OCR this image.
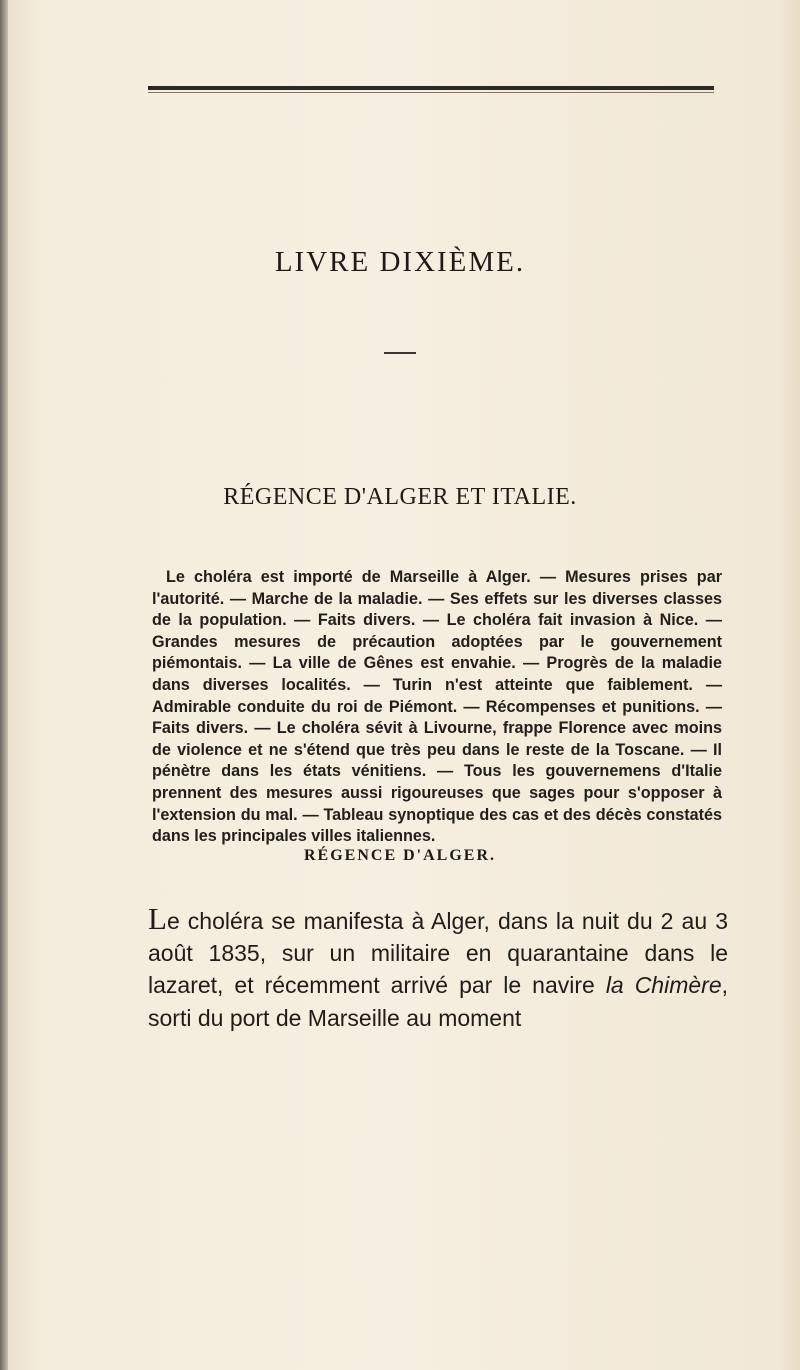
LIVRE DIXIÈME.
RÉGENCE D'ALGER ET ITALIE.
Le choléra est importé de Marseille à Alger. — Mesures prises par l'autorité. — Marche de la maladie. — Ses effets sur les diverses classes de la population. — Faits divers. — Le choléra fait invasion à Nice. — Grandes mesures de précaution adoptées par le gouvernement piémontais. — La ville de Gênes est envahie. — Progrès de la maladie dans diverses localités. — Turin n'est atteinte que faiblement. — Admirable conduite du roi de Piémont. — Récompenses et punitions. — Faits divers. — Le choléra sévit à Livourne, frappe Florence avec moins de violence et ne s'étend que très peu dans le reste de la Toscane. — Il pénètre dans les états vénitiens. — Tous les gouvernemens d'Italie prennent des mesures aussi rigoureuses que sages pour s'opposer à l'extension du mal. — Tableau synoptique des cas et des décès constatés dans les principales villes italiennes.
RÉGENCE D'ALGER.
Le choléra se manifesta à Alger, dans la nuit du 2 au 3 août 1835, sur un militaire en quarantaine dans le lazaret, et récemment arrivé par le navire la Chimère, sorti du port de Marseille au moment
